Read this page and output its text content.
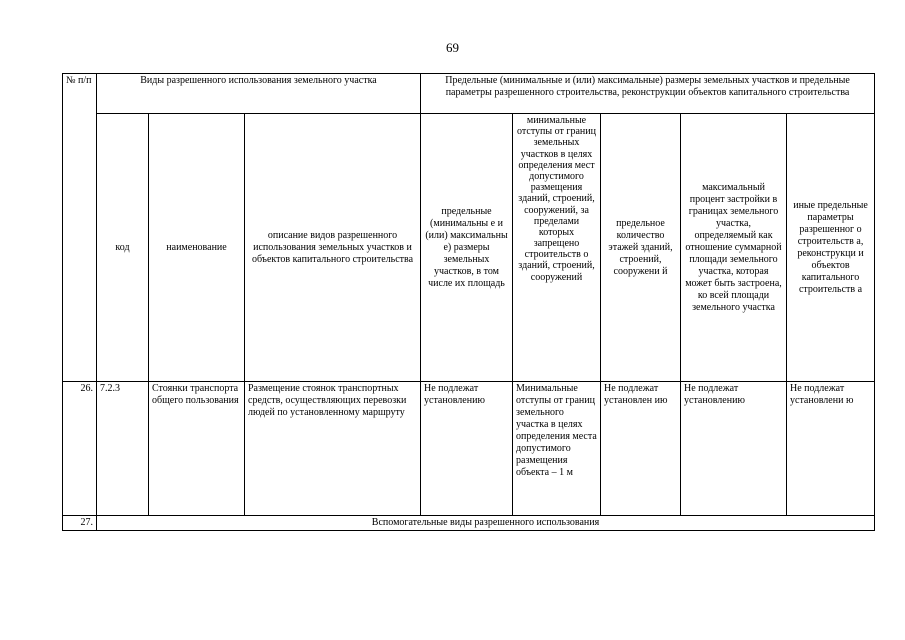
69
№ п/п	Виды разрешенного использования земельного участка			Предельные (минимальные и (или) максимальные) размеры земельных участков и предельные параметры разрешенного строительства, реконструкции объектов капитального строительства				
	код	наименование	описание видов разрешенного использования земельных участков и объектов капитального строительства	предельные (минимальны е и (или) максимальны е) размеры земельных участков, в том числе их площадь	минимальные отступы от границ земельных участков в целях определения мест допустимого размещения зданий, строений, сооружений, за пределами которых запрещено строительств о зданий, строений, сооружений	предельное количество этажей зданий, строений, сооружени й	максимальный процент застройки в границах земельного участка, определяемый как отношение суммарной площади земельного участка, которая может быть застроена, ко всей площади земельного участка	иные предельные параметры разрешенног о строительств а, реконструкци и объектов капитального строительств а
26.	7.2.3	Стоянки транспорта общего пользования	Размещение стоянок транспортных средств, осуществляющих перевозки людей по установленному маршруту	Не подлежат установлению	Минимальные отступы от границ земельного участка в целях определения места допустимого размещения объекта – 1 м	Не подлежат установлен ию	Не подлежат установлению	Не подлежат установлени ю
27.	Вспомогательные виды разрешенного использования							
